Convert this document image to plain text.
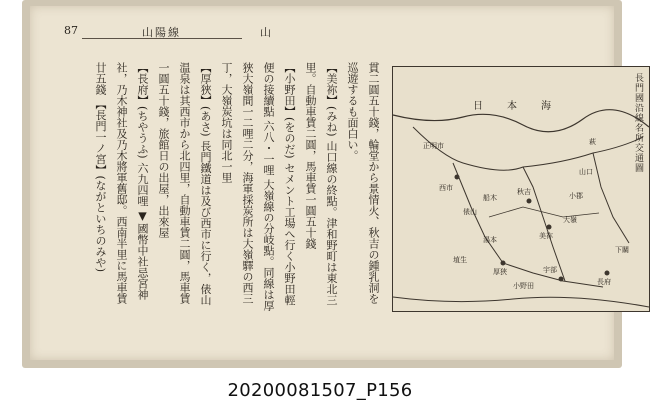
87	山陽線	山

貫二圓五十錢，輪堂から景情火、秋吉の鍾乳洞を巡遊するも面白い。

【美祢】(みね) 山口線の終點。津和野町は東北三里。自動車賃二圓，馬車賃一圓五十錢

【小野田】(をのだ) セメント工場へ行く小野田輕便の接續點 六八・一哩 大嶺線の分岐點。同線は厚狹大嶺間一二哩二分，海軍採炭所は大嶺驛の西三丁，大嶺炭坑は同北一里

【厚狹】(あさ) 長門鐵道は及び西市に行く，俵山温泉は其西市から北四里，自動車賃二圓，馬車賃一圓五十錢，旅館日の出屋，出來屋

【長府】(ちやうふ) 六九四哩 ▼國幣中社忌宮神社，乃木神社及乃木將軍舊邸。西南半里に馬車賃廿五錢 【長門一ノ宮】(ながといちのみや)	長門國沿線名所交通圖
日本海
秋吉
美祢
大嶺
厚狹
小野田	長府
下關
宇部
俵山
西市
湯本
萩
正明市
山口
小郡
船木
埴生
20200081507_P156
